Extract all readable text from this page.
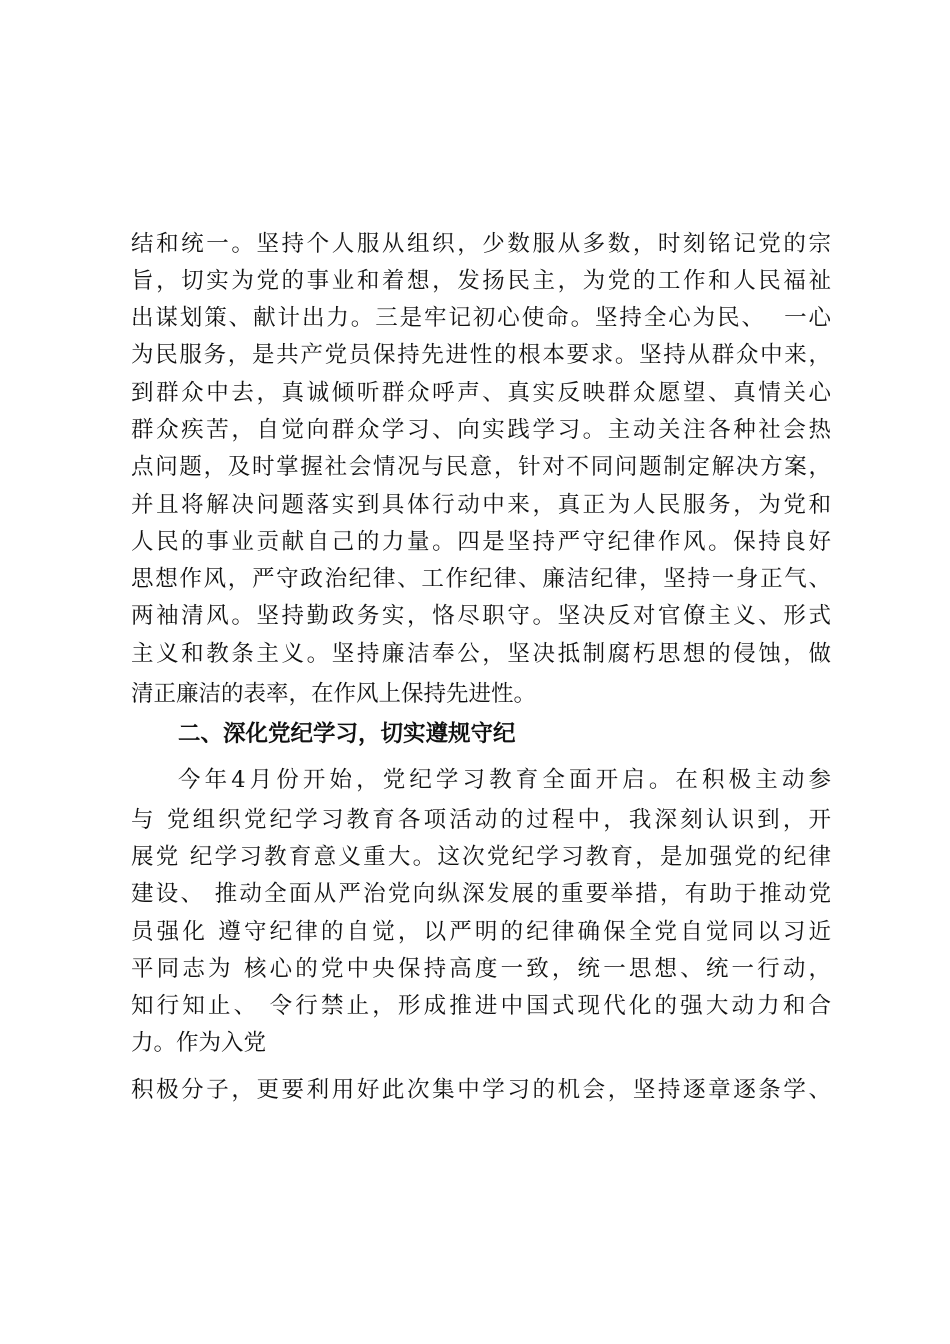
结和统一。坚持个人服从组织，少数服从多数，时刻铭记党的宗
旨，切实为党的事业和着想，发扬民主，为党的工作和人民福祉
出谋划策、献计出力。三是牢记初心使命。坚持全心为民、  一心
为民服务，是共产党员保持先进性的根本要求。坚持从群众中来，
到群众中去，真诚倾听群众呼声、真实反映群众愿望、真情关心
群众疾苦，自觉向群众学习、向实践学习。主动关注各种社会热
点问题，及时掌握社会情况与民意，针对不同问题制定解决方案，
并且将解决问题落实到具体行动中来，真正为人民服务，为党和
人民的事业贡献自己的力量。四是坚持严守纪律作风。保持良好
思想作风，严守政治纪律、工作纪律、廉洁纪律，坚持一身正气、
两袖清风。坚持勤政务实，恪尽职守。坚决反对官僚主义、形式
主义和教条主义。坚持廉洁奉公，坚决抵制腐朽思想的侵蚀，做
清正廉洁的表率，在作风上保持先进性。
二、深化党纪学习，切实遵规守纪
今年4月份开始，党纪学习教育全面开启。在积极主动参
与 党组织党纪学习教育各项活动的过程中，我深刻认识到，开
展党 纪学习教育意义重大。这次党纪学习教育，是加强党的纪律
建设、 推动全面从严治党向纵深发展的重要举措，有助于推动党
员强化 遵守纪律的自觉，以严明的纪律确保全党自觉同以习近
平同志为 核心的党中央保持高度一致，统一思想、统一行动，
知行知止、 令行禁止，形成推进中国式现代化的强大动力和合
力。作为入党
积极分子，更要利用好此次集中学习的机会，坚持逐章逐条学、
